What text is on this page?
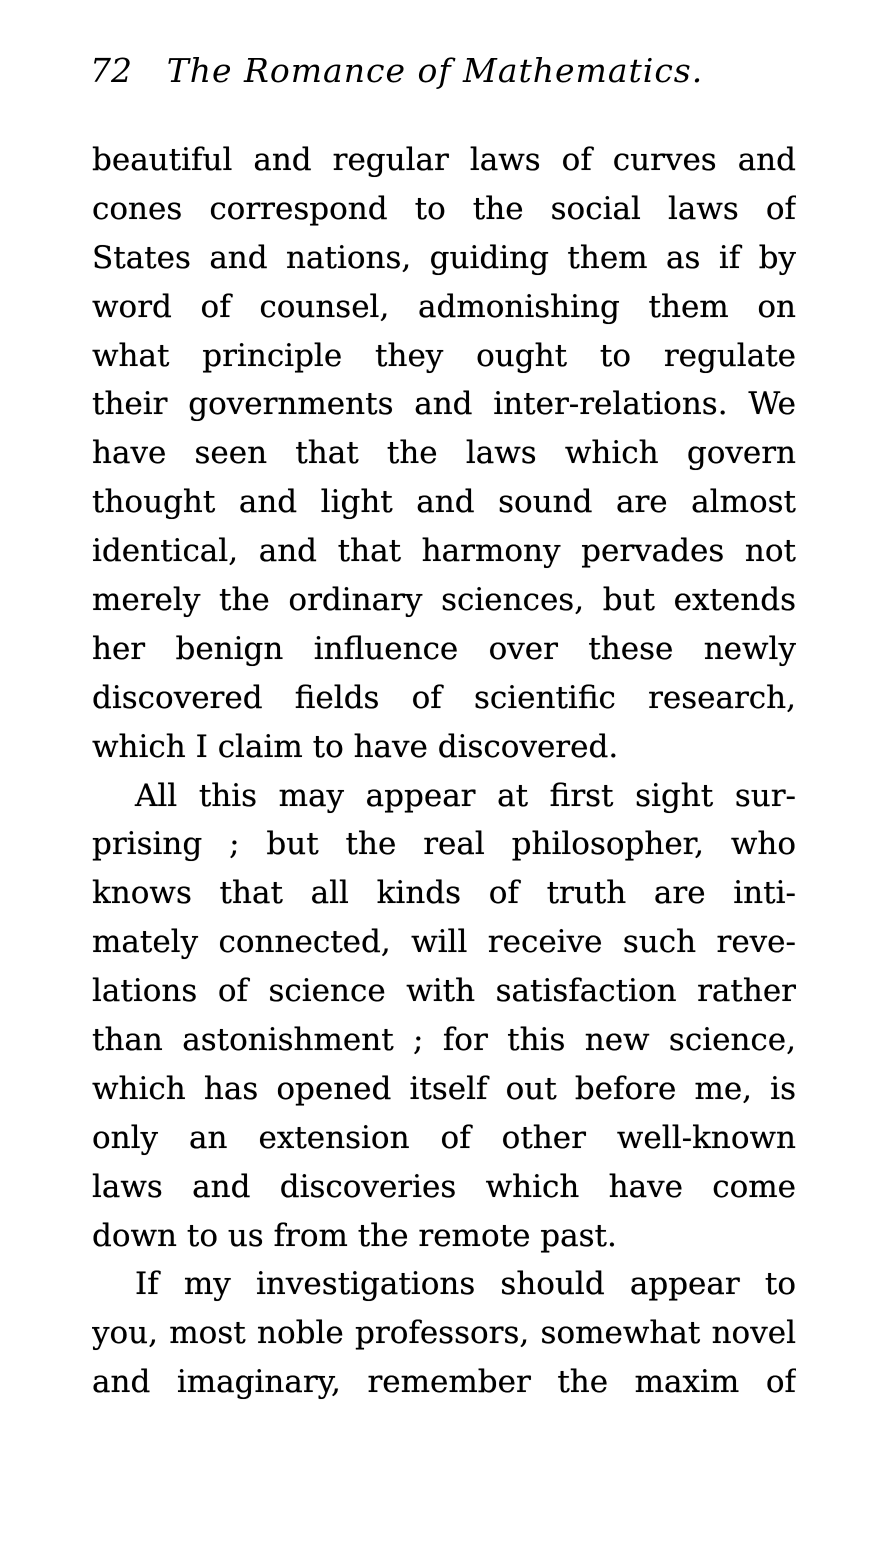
72	The Romance of Mathematics.
beautiful and regular laws of curves and
cones correspond to the social laws of
States and nations, guiding them as if by
word of counsel, admonishing them on
what principle they ought to regulate
their governments and inter-relations. We
have seen that the laws which govern
thought and light and sound are almost
identical, and that harmony pervades not
merely the ordinary sciences, but extends
her benign influence over these newly
discovered fields of scientific research,
which I claim to have discovered.
All this may appear at first sight sur-
prising ; but the real philosopher, who
knows that all kinds of truth are inti-
mately connected, will receive such reve-
lations of science with satisfaction rather
than astonishment ; for this new science,
which has opened itself out before me, is
only an extension of other well-known
laws and discoveries which have come
down to us from the remote past.
If my investigations should appear to
you, most noble professors, somewhat novel
and imaginary, remember the maxim of
